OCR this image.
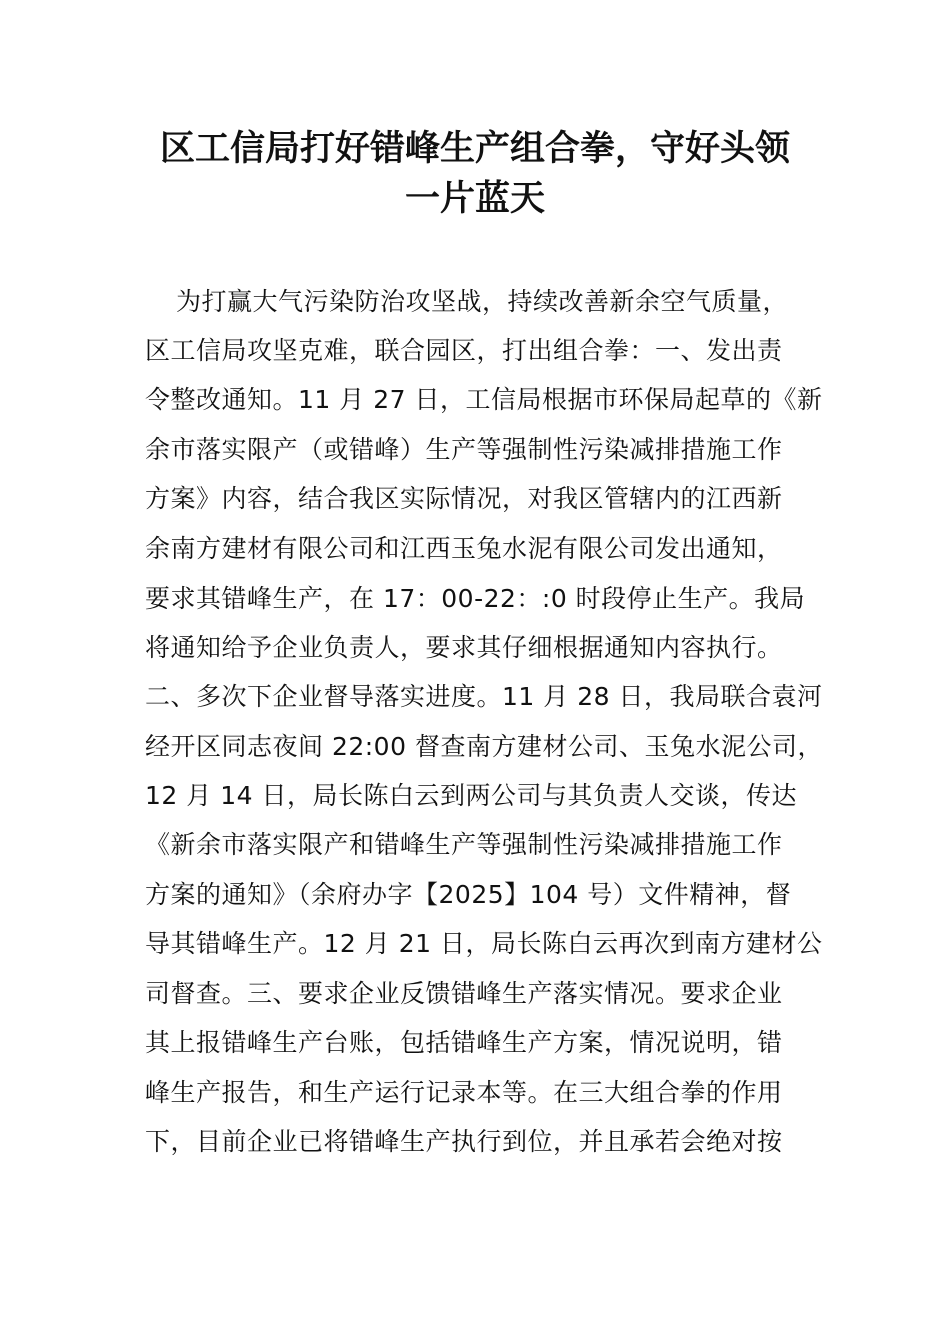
区工信局打好错峰生产组合拳，守好头领
一片蓝天
为打赢大气污染防治攻坚战，持续改善新余空气质量，
区工信局攻坚克难，联合园区，打出组合拳：一、发出责
令整改通知。11 月 27 日，工信局根据市环保局起草的《新
余市落实限产（或错峰）生产等强制性污染减排措施工作
方案》内容，结合我区实际情况，对我区管辖内的江西新
余南方建材有限公司和江西玉兔水泥有限公司发出通知，
要求其错峰生产，在 17：00-22：:0 时段停止生产。我局
将通知给予企业负责人，要求其仔细根据通知内容执行。
二、多次下企业督导落实进度。11 月 28 日，我局联合袁河
经开区同志夜间 22:00 督查南方建材公司、玉兔水泥公司，
12 月 14 日，局长陈白云到两公司与其负责人交谈，传达
《新余市落实限产和错峰生产等强制性污染减排措施工作
方案的通知》（余府办字【2025】104 号）文件精神，督
导其错峰生产。12 月 21 日，局长陈白云再次到南方建材公
司督查。三、要求企业反馈错峰生产落实情况。要求企业
其上报错峰生产台账，包括错峰生产方案，情况说明，错
峰生产报告，和生产运行记录本等。在三大组合拳的作用
下，目前企业已将错峰生产执行到位，并且承若会绝对按
